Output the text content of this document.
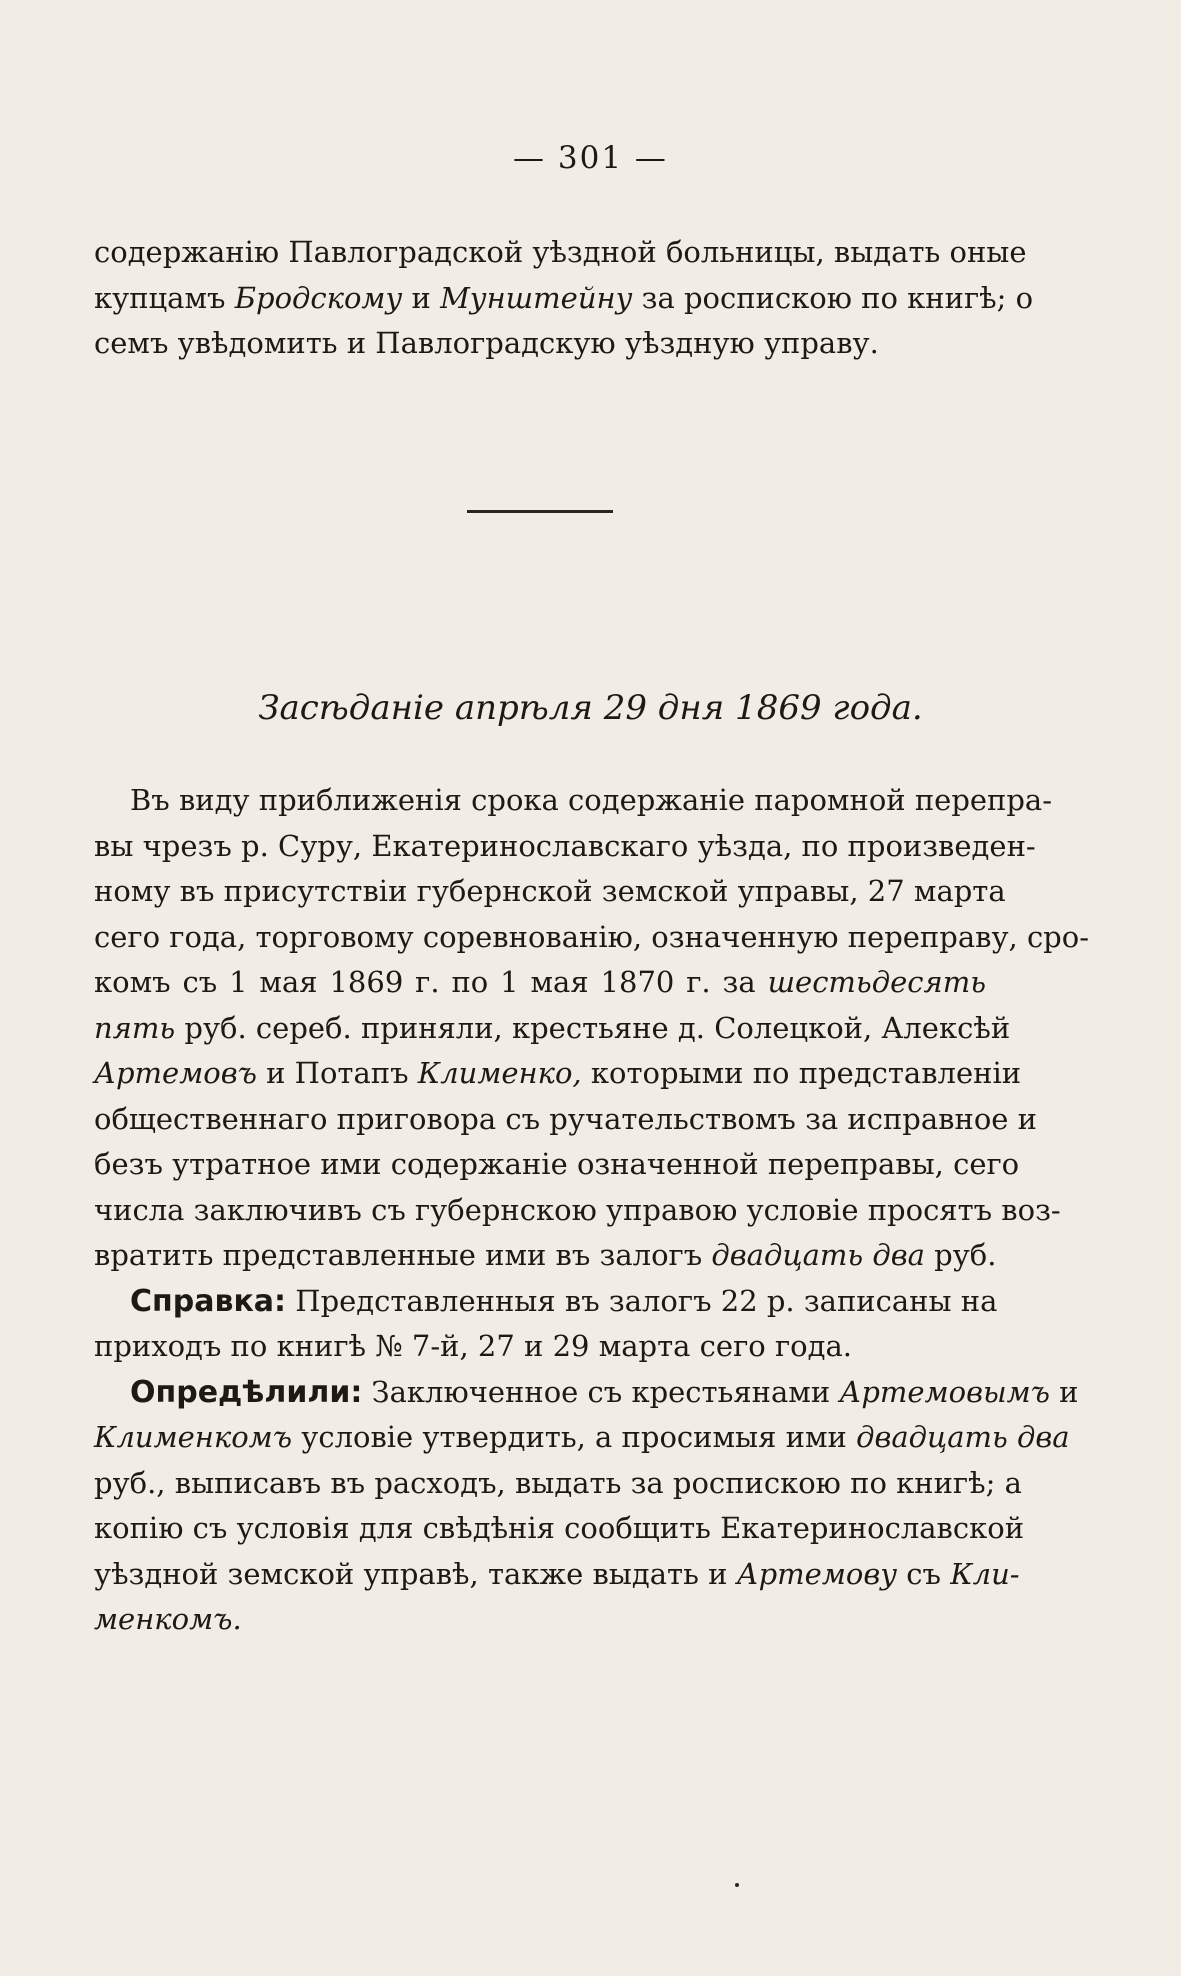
— 301 —
содержанію Павлоградской уѣздной больницы, выдать оные
купцамъ Бродскому и Мунштейну за роспискою по книгѣ; о
семъ увѣдомить и Павлоградскую уѣздную управу.
Засѣданіе апрѣля 29 дня 1869 года.
Въ виду приближенія срока содержаніе паромной перепра-
вы чрезъ р. Суру, Екатеринославскаго уѣзда, по произведен-
ному въ присутствіи губернской земской управы, 27 марта
сего года, торговому соревнованію, означенную переправу, сро-
комъ съ 1 мая 1869 г. по 1 мая 1870 г. за шестьдесять
пять руб. сереб. приняли, крестьяне д. Солецкой, Алексѣй
Артемовъ и Потапъ Клименко, которыми по представленіи
общественнаго приговора съ ручательствомъ за исправное и
безъ утратное ими содержаніе означенной переправы, сего
числа заключивъ съ губернскою управою условіе просятъ воз-
вратить представленные ими въ залогъ двадцать два руб.
Справка: Представленныя въ залогъ 22 р. записаны на
приходъ по книгѣ № 7-й, 27 и 29 марта сего года.
Опредѣлили: Заключенное съ крестьянами Артемовымъ и
Клименкомъ условіе утвердить, а просимыя ими двадцать два
руб., выписавъ въ расходъ, выдать за роспискою по книгѣ; а
копію съ условія для свѣдѣнія сообщить Екатеринославской
уѣздной земской управѣ, также выдать и Артемову съ Кли-
менкомъ.
